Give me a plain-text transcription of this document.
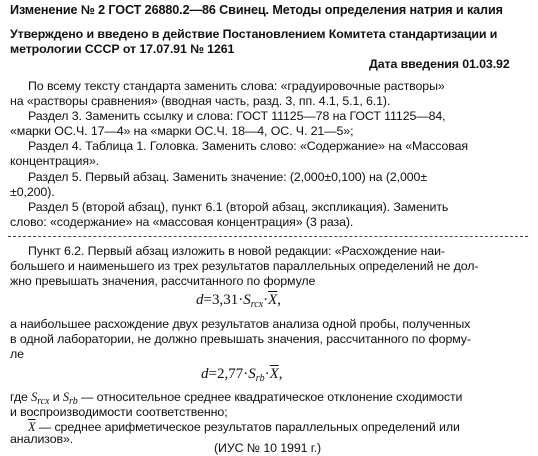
Изменение № 2 ГОСТ 26880.2—86 Свинец. Методы определения натрия и калия
Утверждено и введено в действие Постановлением Комитета стандартизации и
метрологии СССР от 17.07.91 № 1261
Дата введения 01.03.92
По всему тексту стандарта заменить слова: «градуировочные растворы»
на «растворы сравнения» (вводная часть, разд. 3, пп. 4.1, 5.1, 6.1).
Раздел 3. Заменить ссылку и слова: ГОСТ 11125—78 на ГОСТ 11125—84,
«марки ОС.Ч. 17—4» на «марки ОС.Ч. 18—4, ОС. Ч. 21—5»;
Раздел 4. Таблица 1. Головка. Заменить слово: «Содержание» на «Массовая
концентрация».
Раздел 5. Первый абзац. Заменить значение: (2,000±0,100) на (2,000±
±0,200).
Раздел 5 (второй абзац), пункт 6.1 (второй абзац, экспликация). Заменить
слово: «содержание» на «массовая концентрация» (3 раза).
Пункт 6.2. Первый абзац изложить в новой редакции: «Расхождение наи-
большего и наименьшего из трех результатов параллельных определений не дол-
жно превышать значения, рассчитанного по формуле
$d=3,31\cdot S_{rcx}\cdot\overline{X}$,
а наибольшее расхождение двух результатов анализа одной пробы, полученных
в одной лаборатории, не должно превышать значения, рассчитанного по форму-
ле
$d=2,77\cdot S_{rb}\cdot\overline{X}$,
где $S_{rcx}$ и $S_{rb}$ — относительное среднее квадратическое отклонение сходимости
и воспроизводимости соответственно;
$\overline{X}$ — среднее арифметическое результатов параллельных определений или
анализов».
(ИУС № 10 1991 г.)
